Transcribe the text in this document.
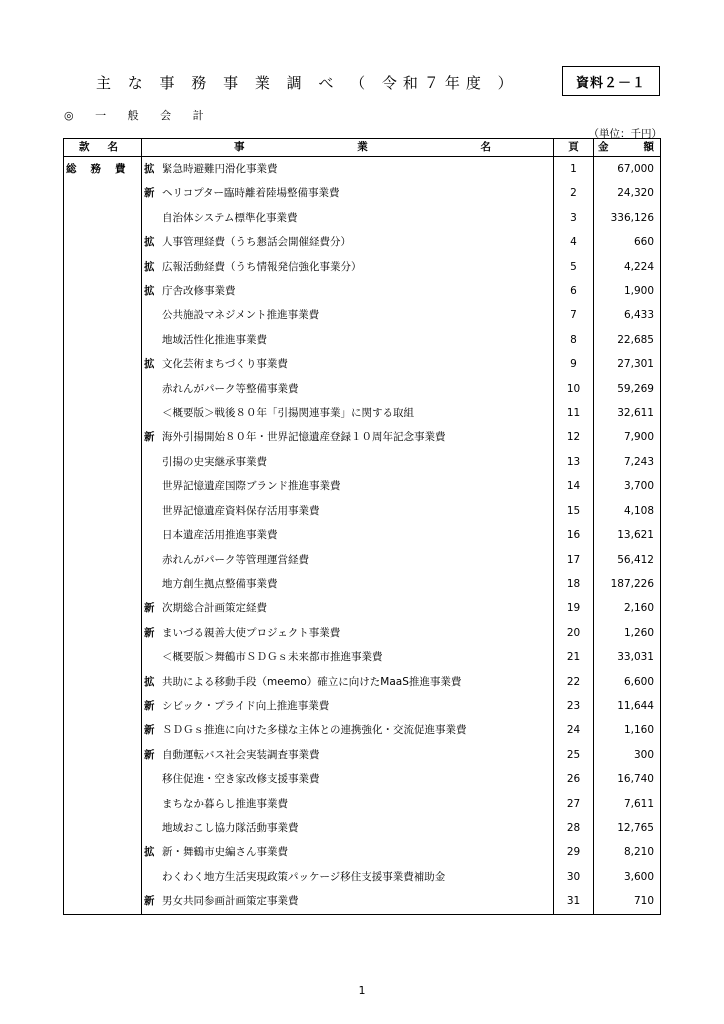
主 な 事 務 事 業 調 べ （ 令和７年度 ）	資料２－１
◎ 一 般 会 計
（単位：千円）
款名	事 業 名	頁	金 額

総務費	拡 緊急時避難円滑化事業費	1	67,000
	新 ヘリコプター臨時離着陸場整備事業費	2	24,320
	自治体システム標準化事業費	3	336,126
	拡 人事管理経費（うち懇話会開催経費分）	4	660
	拡 広報活動経費（うち情報発信強化事業分）	5	4,224
	拡 庁舎改修事業費	6	1,900
	公共施設マネジメント推進事業費	7	6,433
	地域活性化推進事業費	8	22,685
	拡 文化芸術まちづくり事業費	9	27,301
	赤れんがパーク等整備事業費	10	59,269
	＜概要版＞戦後８０年「引揚関連事業」に関する取組	11	32,611
	新 海外引揚開始８０年・世界記憶遺産登録１０周年記念事業費	12	7,900
	引揚の史実継承事業費	13	7,243
	世界記憶遺産国際ブランド推進事業費	14	3,700
	世界記憶遺産資料保存活用事業費	15	4,108
	日本遺産活用推進事業費	16	13,621
	赤れんがパーク等管理運営経費	17	56,412
	地方創生拠点整備事業費	18	187,226
	新 次期総合計画策定経費	19	2,160
	新 まいづる親善大使プロジェクト事業費	20	1,260
	＜概要版＞舞鶴市ＳＤＧｓ未来都市推進事業費	21	33,031
	拡 共助による移動手段（meemo）確立に向けたMaaS推進事業費	22	6,600
	新 シビック・プライド向上推進事業費	23	11,644
	新 ＳＤＧｓ推進に向けた多様な主体との連携強化・交流促進事業費	24	1,160
	新 自動運転バス社会実装調査事業費	25	300
	移住促進・空き家改修支援事業費	26	16,740
	まちなか暮らし推進事業費	27	7,611
	地域おこし協力隊活動事業費	28	12,765
	拡 新・舞鶴市史編さん事業費	29	8,210
	わくわく地方生活実現政策パッケージ移住支援事業費補助金	30	3,600
	新 男女共同参画計画策定事業費	31	710
1
